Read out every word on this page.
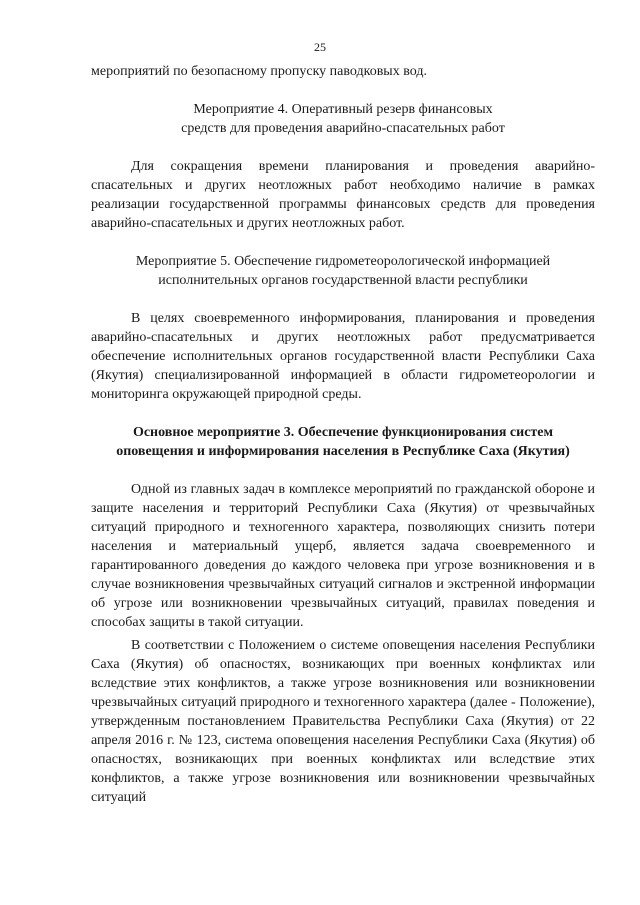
25

мероприятий по безопасному пропуску паводковых вод.

Мероприятие 4. Оперативный резерв финансовых
средств для проведения аварийно-спасательных работ

Для сокращения времени планирования и проведения аварийно-спасательных и других неотложных работ необходимо наличие в рамках реализации государственной программы финансовых средств для проведения аварийно-спасательных и других неотложных работ.

Мероприятие 5. Обеспечение гидрометеорологической информацией
исполнительных органов государственной власти республики

В целях своевременного информирования, планирования и проведения аварийно-спасательных и других неотложных работ предусматривается обеспечение исполнительных органов государственной власти Республики Саха (Якутия) специализированной информацией в области гидрометеорологии и мониторинга окружающей природной среды.

Основное мероприятие 3. Обеспечение функционирования систем
оповещения и информирования населения в Республике Саха (Якутия)

Одной из главных задач в комплексе мероприятий по гражданской обороне и защите населения и территорий Республики Саха (Якутия) от чрезвычайных ситуаций природного и техногенного характера, позволяющих снизить потери населения и материальный ущерб, является задача своевременного и гарантированного доведения до каждого человека при угрозе возникновения и в случае возникновения чрезвычайных ситуаций сигналов и экстренной информации об угрозе или возникновении чрезвычайных ситуаций, правилах поведения и способах защиты в такой ситуации.

В соответствии с Положением о системе оповещения населения Республики Саха (Якутия) об опасностях, возникающих при военных конфликтах или вследствие этих конфликтов, а также угрозе возникновения или возникновении чрезвычайных ситуаций природного и техногенного характера (далее - Положение), утвержденным постановлением Правительства Республики Саха (Якутия) от 22 апреля 2016 г. № 123, система оповещения населения Республики Саха (Якутия) об опасностях, возникающих при военных конфликтах или вследствие этих конфликтов, а также угрозе возникновения или возникновении чрезвычайных ситуаций
